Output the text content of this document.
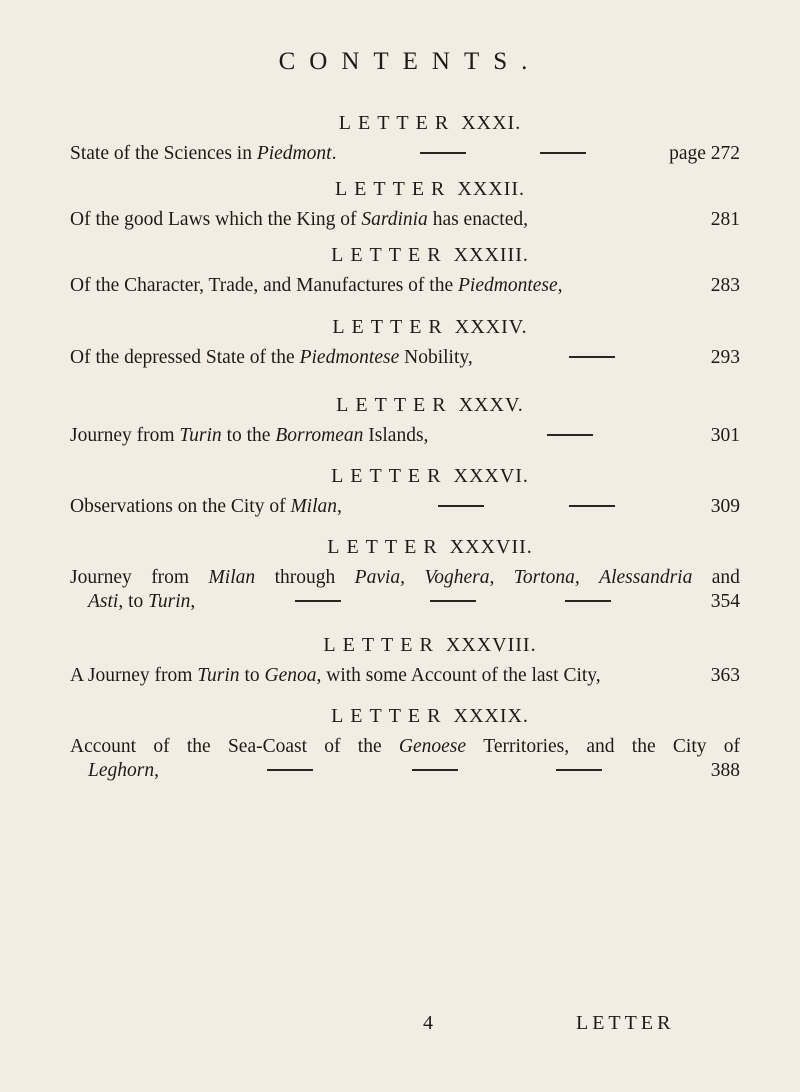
CONTENTS.
LETTER XXXI.
State of the Sciences in Piedmont.	page 272
LETTER XXXII.
Of the good Laws which the King of Sardinia has enacted,	281
LETTER XXXIII.
Of the Character, Trade, and Manufactures of the Piedmontese,	283
LETTER XXXIV.
Of the depressed State of the Piedmontese Nobility,	293
LETTER XXXV.
Journey from Turin to the Borromean Islands,	301
LETTER XXXVI.
Observations on the City of Milan,	309
LETTER XXXVII.
Journey from Milan through Pavia, Voghera, Tortona, Alessandria and
Asti, to Turin,	354
LETTER XXXVIII.
A Journey from Turin to Genoa, with some Account of the last City,	363
LETTER XXXIX.
Account of the Sea-Coast of the Genoese Territories, and the City of
Leghorn,	388
4	LETTER
